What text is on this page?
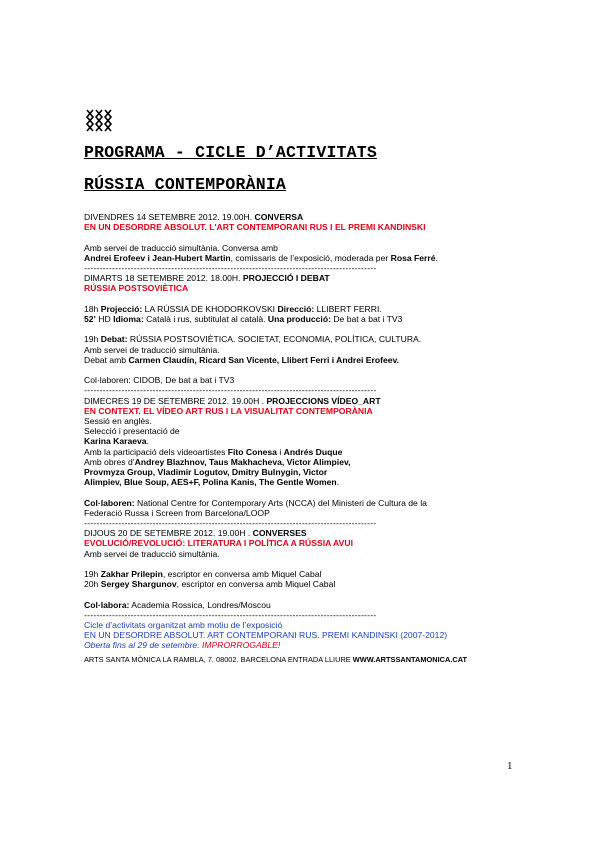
PROGRAMA - CICLE D’ACTIVITATS
RÚSSIA CONTEMPORÀNIA

DIVENDRES 14 SETEMBRE 2012. 19.00H. CONVERSA

EN UN DESORDRE ABSOLUT. L'ART CONTEMPORANI RUS I EL PREMI KANDINSKI

Amb servei de traducció simultània. Conversa amb

Andrei Erofeev i Jean-Hubert Martin, comissaris de l’exposició, moderada per Rosa Ferré.

----------------------------------------------------------------------------------------------

DIMARTS 18 SETEMBRE 2012. 18.00H. PROJECCIÓ I DEBAT

RÚSSIA POSTSOVIÈTICA

18h Projecció: LA RÚSSIA DE KHODORKOVSKI Direcció: LLIBERT FERRI.

52’ HD Idioma: Català i rus, subtitulat al català. Una producció: De bat a bat i TV3

19h Debat: RÚSSIA POSTSOVIÈTICA. SOCIETAT, ECONOMIA, POLÍTICA, CULTURA.

Amb servei de traducció simultània.

Debat amb Carmen Claudín, Ricard San Vicente, Llibert Ferri i Andrei Erofeev.

Col·laboren: CIDOB, De bat a bat i TV3

----------------------------------------------------------------------------------------------

DIMECRES 19 DE SETEMBRE 2012. 19.00H . PROJECCIONS VÍDEO_ART

EN CONTEXT. EL VÍDEO ART RUS I LA VISUALITAT CONTEMPORÀNIA

Sessió en anglès.

Selecció i presentació de
Karina Karaeva.

Amb la participació dels videoartistes Fito Conesa i Andrés Duque

Amb obres d’Andrey Blazhnov, Taus Makhacheva, Victor Alimpiev,

Provmyza Group, Vladimir Logutov, Dmitry Bulnygin, Victor

Alimpiev, Blue Soup, AES+F, Polina Kanis, The Gentle Women.

Col·laboren: National Centre for Contemporary Arts (NCCA) del Ministeri de Cultura de la

Federació Russa i Screen from Barcelona/LOOP

----------------------------------------------------------------------------------------------

DIJOUS 20 DE SETEMBRE 2012. 19.00H . CONVERSES

EVOLUCIÓ/REVOLUCIÓ: LITERATURA I POLÍTICA A RÚSSIA AVUI

Amb servei de traducció simultània.

19h Zakhar Prilepin, escriptor en conversa amb Miquel Cabal

20h Sergey Shargunov, escriptor en conversa amb Miquel Cabal

Col·labora: Academia Rossica, Londres/Moscou

----------------------------------------------------------------------------------------------

Cicle d’activitats organitzat amb motiu de l’exposició

EN UN DESORDRE ABSOLUT. ART CONTEMPORANI RUS. PREMI KANDINSKI (2007-2012)

Oberta fins al 29 de setembre. IMPRORROGABLE!

ARTS SANTA MÒNICA LA RAMBLA, 7. 08002. BARCELONA ENTRADA LLIURE WWW.ARTSSANTAMONICA.CAT

1
